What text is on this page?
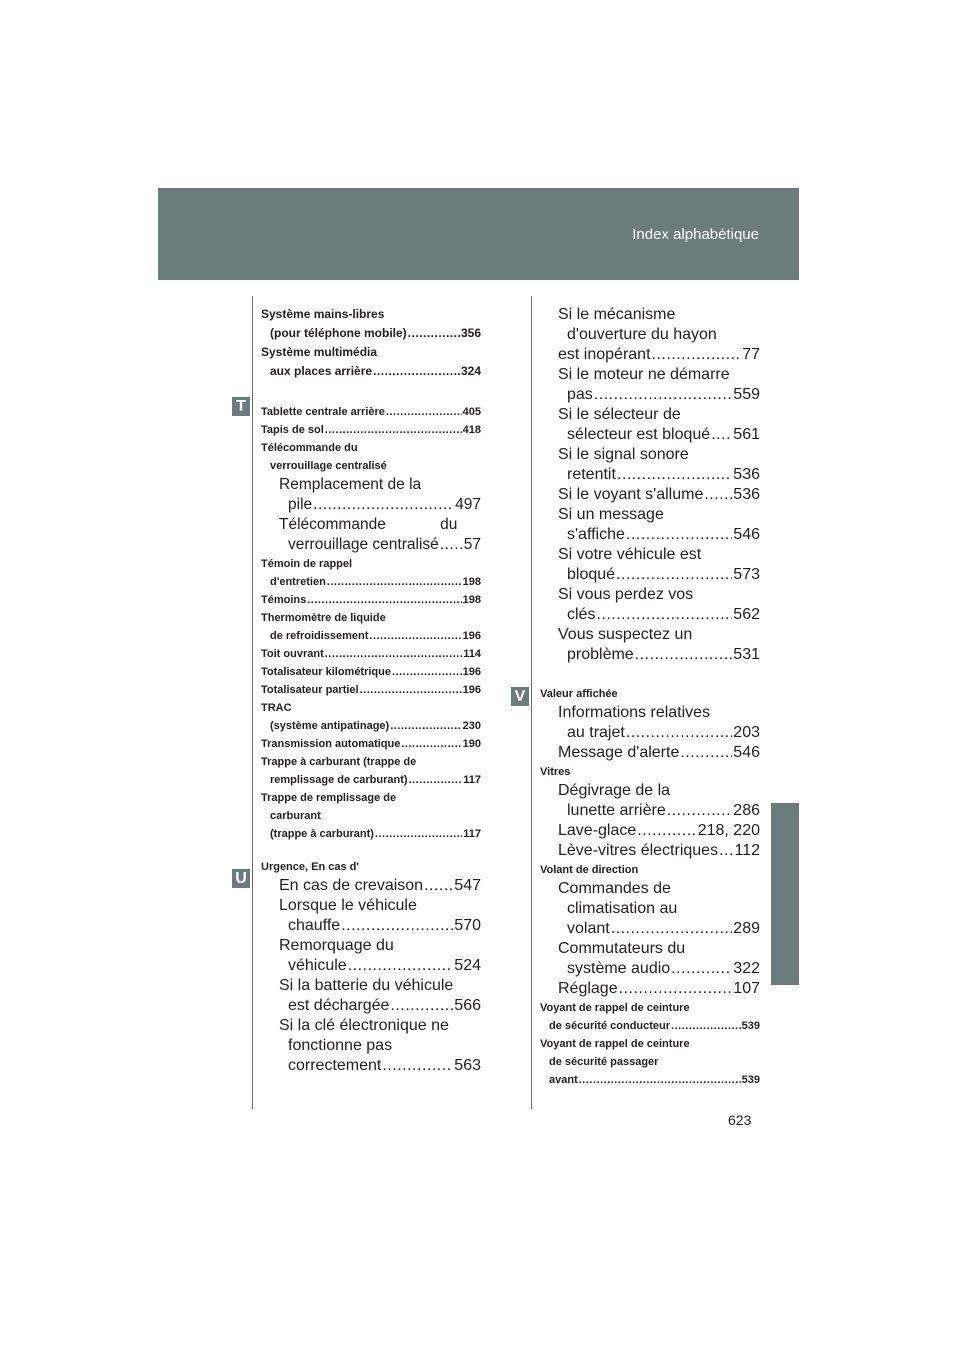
Index alphabétique
T
U
V
Système mains-libres
(pour téléphone mobile) .....	356
Système multimédia
aux places arrière .....	324
Tablette centrale arrière .....	405
Tapis de sol .....	418
Télécommande du
verrouillage centralisé
Remplacement de la
pile .....	497
Télécommande du
verrouillage centralisé ..... 57
Témoin de rappel
d'entretien .....	198
Témoins .....	198
Thermomètre de liquide
de refroidissement .....	196
Toit ouvrant .....	114
Totalisateur kilométrique .....	196
Totalisateur partiel .....	196
TRAC
(système antipatinage) .....	230
Transmission automatique .....	190
Trappe à carburant (trappe de
remplissage de carburant) .....	117
Trappe de remplissage de
carburant
(trappe à carburant) .....	117
Urgence, En cas d'
En cas de crevaison ..... 547
Lorsque le véhicule
chauffe .....	570
Remorquage du
véhicule .....	524
Si la batterie du véhicule
est déchargée .....	566
Si la clé électronique ne
fonctionne pas
correctement .....	563
Si le mécanisme
d'ouverture du hayon
est inopérant .....	77
Si le moteur ne démarre
pas .....	559
Si le sélecteur de
sélecteur est bloqué ..... 561
Si le signal sonore
retentit .....	536
Si le voyant s'allume ..... 536
Si un message
s'affiche .....	546
Si votre véhicule est
bloqué .....	573
Si vous perdez vos
clés .....	562
Vous suspectez un
problème .....	531
Valeur affichée
Informations relatives
au trajet .....	203
Message d'alerte .....	546
Vitres
Dégivrage de la
lunette arrière .....	286
Lave-glace .....	218, 220
Lève-vitres électriques ..... 112
Volant de direction
Commandes de
climatisation au
volant .....	289
Commutateurs du
système audio .....	322
Réglage .....	107
Voyant de rappel de ceinture
de sécurité conducteur .....	539
Voyant de rappel de ceinture
de sécurité passager
avant .....	539
623
